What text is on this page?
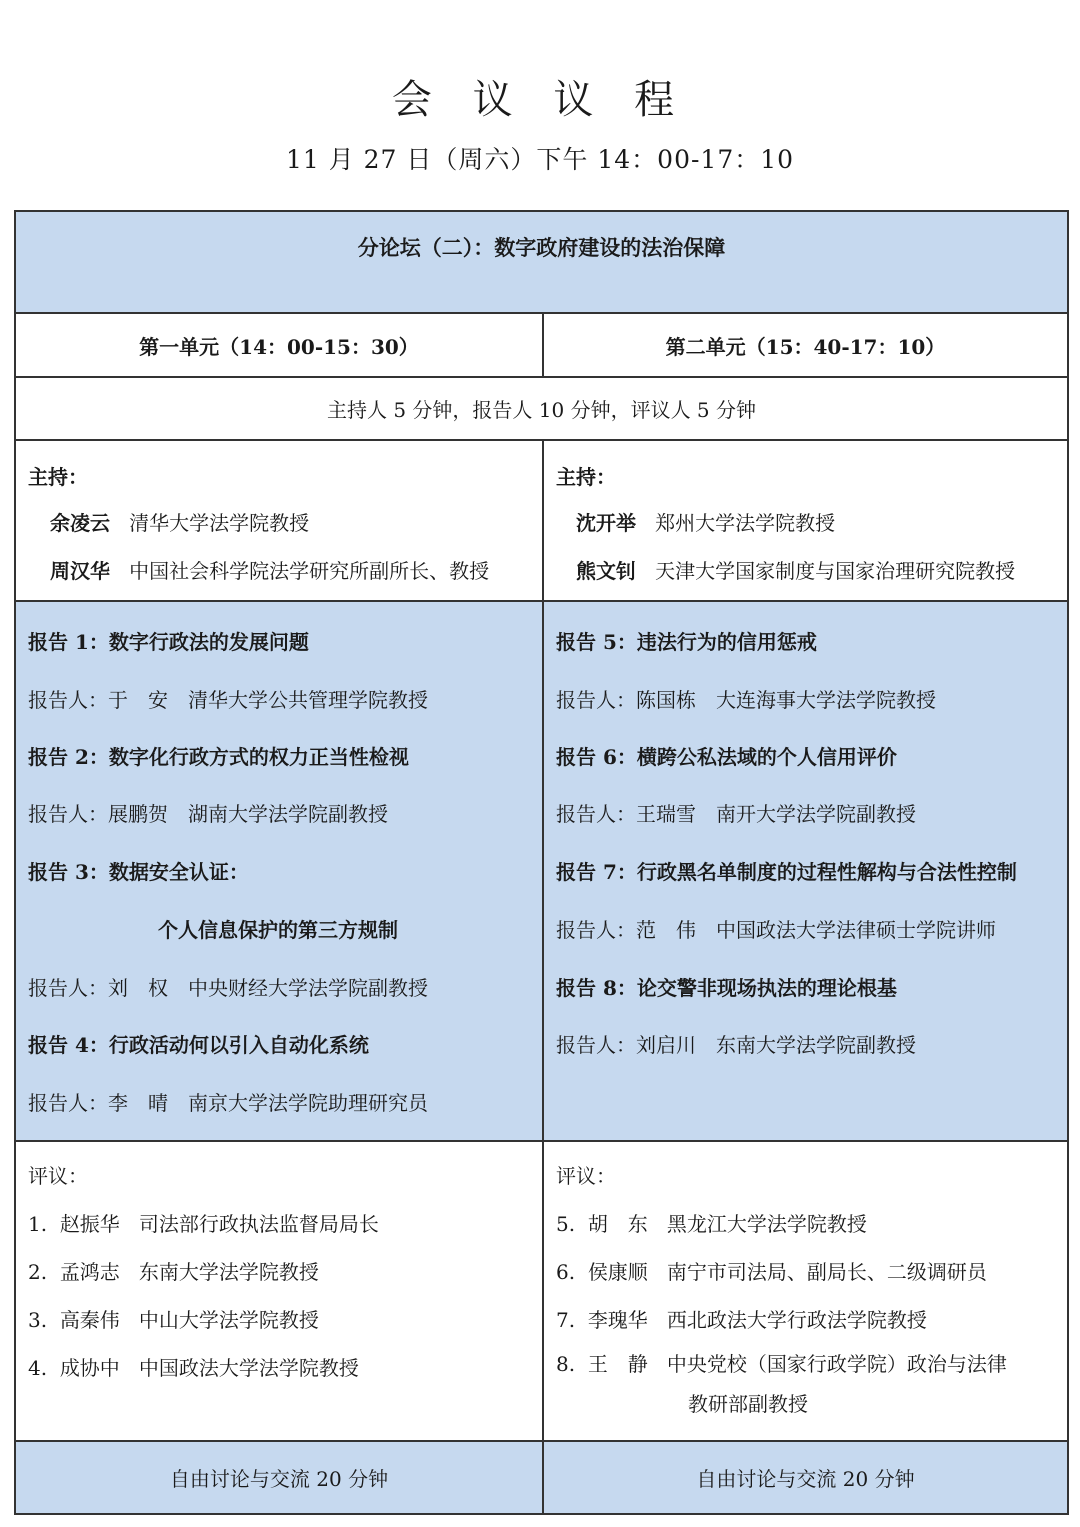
会 议 议 程
11 月 27 日（周六）下午 14：00-17：10
分论坛（二）：数字政府建设的法治保障
第一单元（14：00-15：30）	第二单元（15：40-17：10）
主持人 5 分钟，报告人 10 分钟，评议人 5 分钟
主持：
余凌云 清华大学法学院教授
周汉华 中国社会科学院法学研究所副所长、教授
主持：
沈开举 郑州大学法学院教授
熊文钊 天津大学国家制度与国家治理研究院教授
报告 1：数字行政法的发展问题
报告人：于　安　清华大学公共管理学院教授
报告 2：数字化行政方式的权力正当性检视
报告人：展鹏贺　湖南大学法学院副教授
报告 3：数据安全认证：
个人信息保护的第三方规制
报告人：刘　权　中央财经大学法学院副教授
报告 4：行政活动何以引入自动化系统
报告人：李　晴　南京大学法学院助理研究员
报告 5：违法行为的信用惩戒
报告人：陈国栋　大连海事大学法学院教授
报告 6：横跨公私法域的个人信用评价
报告人：王瑞雪　南开大学法学院副教授
报告 7：行政黑名单制度的过程性解构与合法性控制
报告人：范　伟　中国政法大学法律硕士学院讲师
报告 8：论交警非现场执法的理论根基
报告人：刘启川　东南大学法学院副教授
评议：
1. 赵振华 司法部行政执法监督局局长
2. 孟鸿志 东南大学法学院教授
3. 高秦伟 中山大学法学院教授
4. 成协中 中国政法大学法学院教授
评议：
5. 胡　东 黑龙江大学法学院教授
6. 侯康顺 南宁市司法局、副局长、二级调研员
7. 李瑰华 西北政法大学行政法学院教授
8. 王　静 中央党校（国家行政学院）政治与法律
教研部副教授
自由讨论与交流 20 分钟	自由讨论与交流 20 分钟
